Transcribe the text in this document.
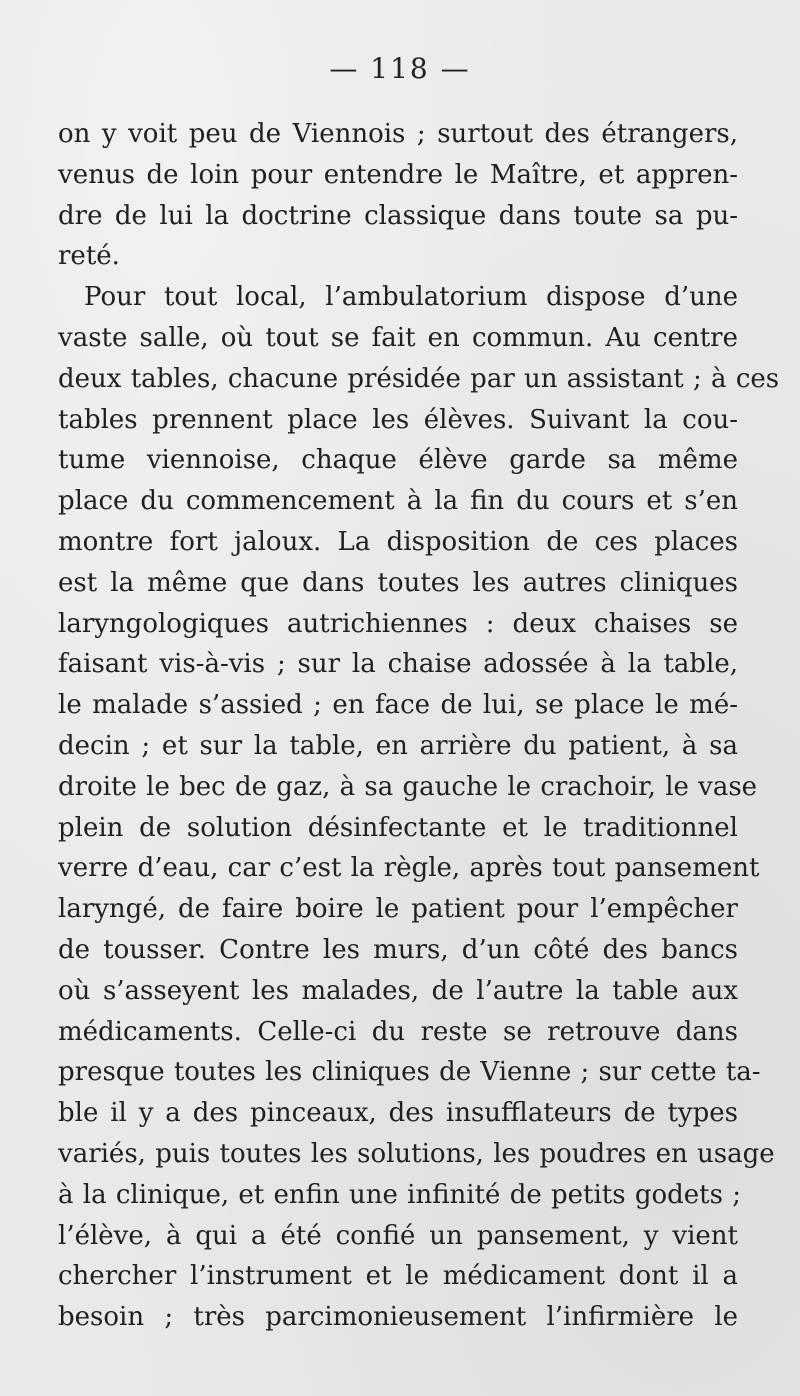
— 118 —
on y voit peu de Viennois ; surtout des étrangers,
venus de loin pour entendre le Maître, et appren-
dre de lui la doctrine classique dans toute sa pu-
reté.
Pour tout local, l’ambulatorium dispose d’une
vaste salle, où tout se fait en commun. Au centre
deux tables, chacune présidée par un assistant ; à ces
tables prennent place les élèves. Suivant la cou-
tume viennoise, chaque élève garde sa même
place du commencement à la fin du cours et s’en
montre fort jaloux. La disposition de ces places
est la même que dans toutes les autres cliniques
laryngologiques autrichiennes : deux chaises se
faisant vis-à-vis ; sur la chaise adossée à la table,
le malade s’assied ; en face de lui, se place le mé-
decin ; et sur la table, en arrière du patient, à sa
droite le bec de gaz, à sa gauche le crachoir, le vase
plein de solution désinfectante et le traditionnel
verre d’eau, car c’est la règle, après tout pansement
laryngé, de faire boire le patient pour l’empêcher
de tousser. Contre les murs, d’un côté des bancs
où s’asseyent les malades, de l’autre la table aux
médicaments. Celle-ci du reste se retrouve dans
presque toutes les cliniques de Vienne ; sur cette ta-
ble il y a des pinceaux, des insufflateurs de types
variés, puis toutes les solutions, les poudres en usage
à la clinique, et enfin une infinité de petits godets ;
l’élève, à qui a été confié un pansement, y vient
chercher l’instrument et le médicament dont il a
besoin ; très parcimonieusement l’infirmière le
